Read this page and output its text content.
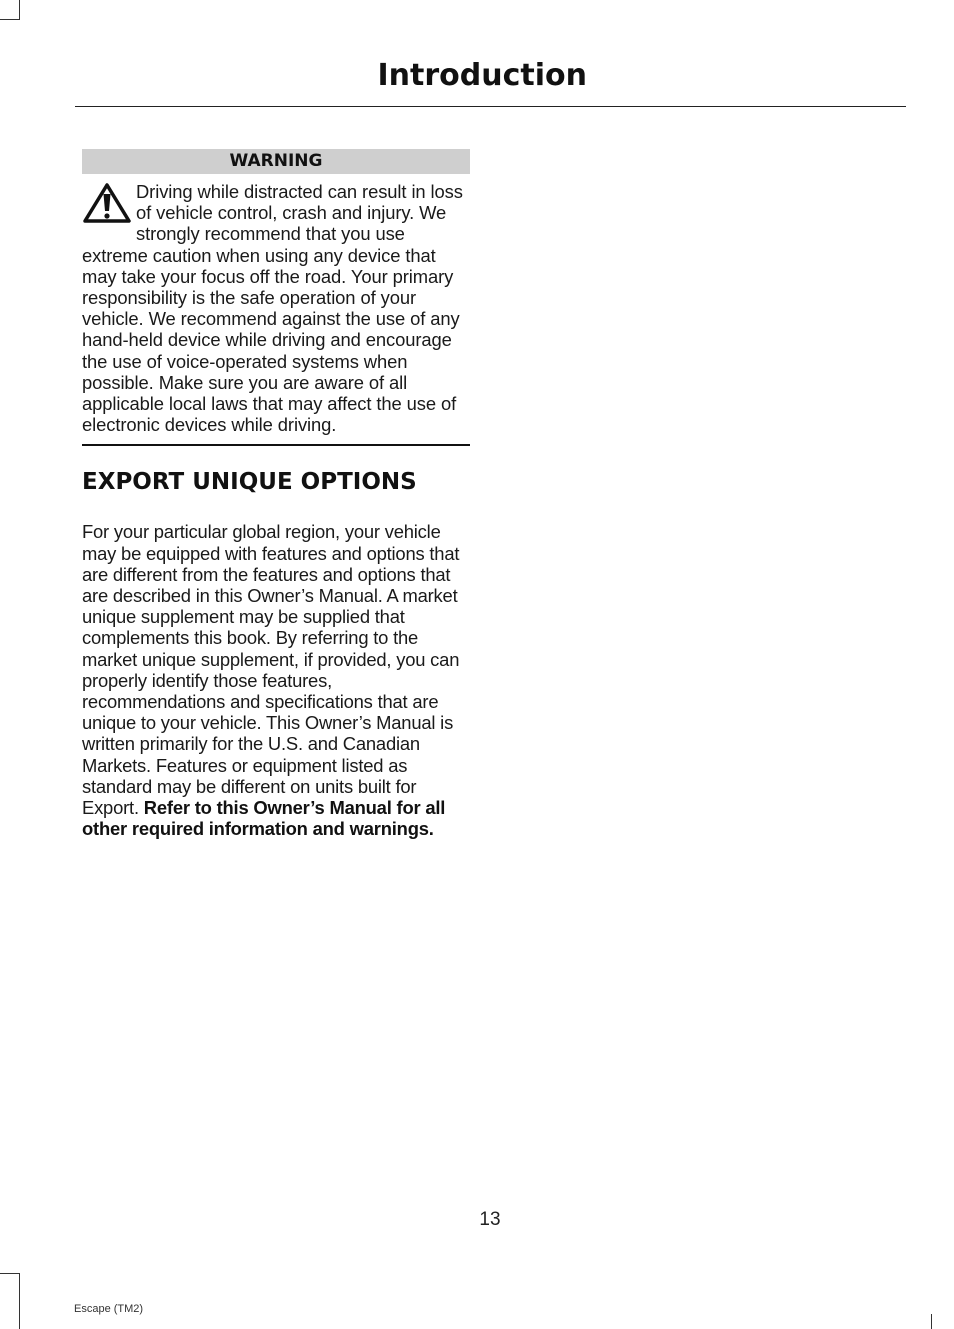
Introduction
WARNING
Driving while distracted can result in loss of vehicle control, crash and injury. We strongly recommend that you use extreme caution when using any device that may take your focus off the road. Your primary responsibility is the safe operation of your vehicle. We recommend against the use of any hand-held device while driving and encourage the use of voice-operated systems when possible. Make sure you are aware of all applicable local laws that may affect the use of electronic devices while driving.
EXPORT UNIQUE OPTIONS
For your particular global region, your vehicle may be equipped with features and options that are different from the features and options that are described in this Owner’s Manual. A market unique supplement may be supplied that complements this book. By referring to the market unique supplement, if provided, you can properly identify those features, recommendations and specifications that are unique to your vehicle. This Owner’s Manual is written primarily for the U.S. and Canadian Markets. Features or equipment listed as standard may be different on units built for Export. Refer to this Owner’s Manual for all other required information and warnings.
13
Escape (TM2)
